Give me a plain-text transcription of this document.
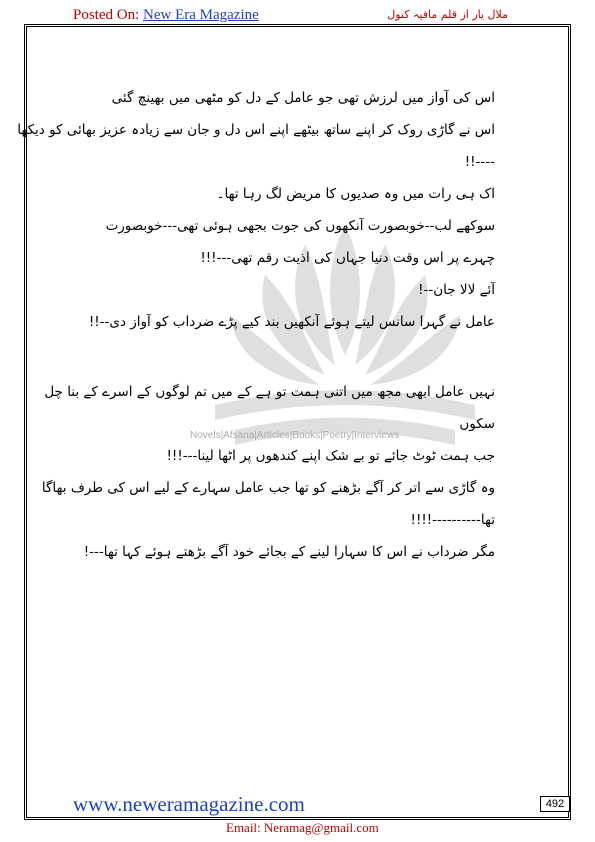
Posted On: New Era Magazine	ملال یار از قلم مافیہ کنول
Novels|Afsana|Articles|Books|Poetry|Interviews
اس کی آواز میں لرزش تھی جو عامل کے دل کو مٹھی میں بھینچ گئی
اس نے گاڑی روک کر اپنے ساتھ بیٹھے اپنے اس دل و جان سے زیادہ عزیز بھائی کو دیکھا
----!!
اک ہی رات میں وہ صدیوں کا مریض لگ رہا تھا۔
سوکھے لب--خوبصورت آنکھوں کی جوت بجھی ہوئی تھی---خوبصورت
چہرے پر اس وقت دنیا جہاں کی اذیت رقم تھی---!!!
آئے لالا جان--!
عامل نے گہرا سانس لیتے ہوئے آنکھیں بند کیے پڑے ضرداب کو آواز دی--!!
نہیں عامل ابھی مجھ میں اتنی ہمت تو ہے کے میں تم لوگوں کے اسرے کے بنا چل
سکوں
جب ہمت ٹوٹ جائے تو بے شک اپنے کندھوں پر اٹھا لینا---!!!
وہ گاڑی سے اتر کر آگے بڑھنے کو تھا جب عامل سہارے کے لیے اس کی طرف بھاگا
تھا----------!!!!
مگر ضرداب نے اس کا سہارا لینے کے بجائے خود آگے بڑھتے ہوئے کہا تھا---!
www.neweramagazine.com	492
Email: Neramag@gmail.com
